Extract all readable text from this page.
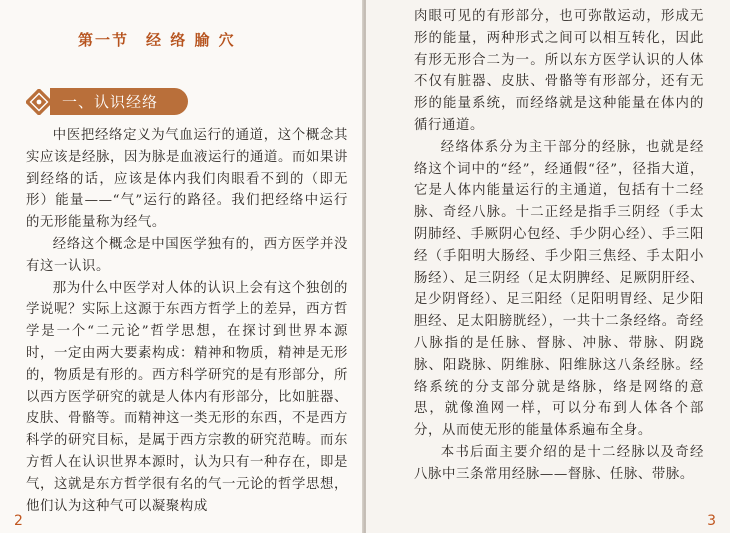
第一节　经 络 腧 穴
一、认识经络

中医把经络定义为气血运行的通道，这个概念其实应该是经脉，因为脉是血液运行的通道。而如果讲到经络的话，应该是体内我们肉眼看不到的（即无形）能量——“气”运行的路径。我们把经络中运行的无形能量称为经气。

经络这个概念是中国医学独有的，西方医学并没有这一认识。

那为什么中医学对人体的认识上会有这个独创的学说呢？实际上这源于东西方哲学上的差异，西方哲学是一个“二元论”哲学思想，在探讨到世界本源时，一定由两大要素构成：精神和物质，精神是无形的，物质是有形的。西方科学研究的是有形部分，所以西方医学研究的就是人体内有形部分，比如脏器、皮肤、骨骼等。而精神这一类无形的东西，不是西方科学的研究目标，是属于西方宗教的研究范畴。而东方哲人在认识世界本源时，认为只有一种存在，即是气，这就是东方哲学很有名的气一元论的哲学思想，他们认为这种气可以凝聚构成

2

肉眼可见的有形部分，也可弥散运动，形成无形的能量，两种形式之间可以相互转化，因此有形无形合二为一。所以东方医学认识的人体不仅有脏器、皮肤、骨骼等有形部分，还有无形的能量系统，而经络就是这种能量在体内的循行通道。

经络体系分为主干部分的经脉，也就是经络这个词中的“经”，经通假“径”，径指大道，它是人体内能量运行的主通道，包括有十二经脉、奇经八脉。十二正经是指手三阴经（手太阴肺经、手厥阴心包经、手少阴心经）、手三阳经（手阳明大肠经、手少阳三焦经、手太阳小肠经）、足三阴经（足太阴脾经、足厥阴肝经、足少阴肾经）、足三阳经（足阳明胃经、足少阳胆经、足太阳膀胱经），一共十二条经络。奇经八脉指的是任脉、督脉、冲脉、带脉、阴跷脉、阳跷脉、阴维脉、阳维脉这八条经脉。经络系统的分支部分就是络脉，络是网络的意思，就像渔网一样，可以分布到人体各个部分，从而使无形的能量体系遍布全身。

本书后面主要介绍的是十二经脉以及奇经八脉中三条常用经脉——督脉、任脉、带脉。

3
